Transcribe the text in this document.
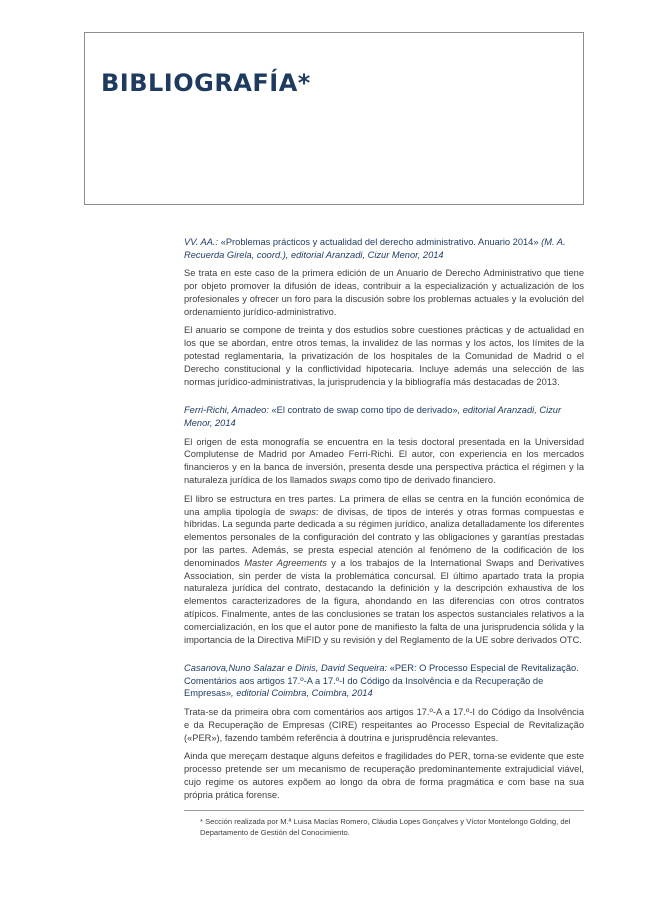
BIBLIOGRAFÍA*
VV. AA.: «Problemas prácticos y actualidad del derecho administrativo. Anuario 2014» (M. A. Recuerda Girela, coord.), editorial Aranzadi, Cizur Menor, 2014

Se trata en este caso de la primera edición de un Anuario de Derecho Administrativo que tiene por objeto promover la difusión de ideas, contribuir a la especialización y actualización de los profesionales y ofrecer un foro para la discusión sobre los problemas actuales y la evolución del ordenamiento jurídico-administrativo.

El anuario se compone de treinta y dos estudios sobre cuestiones prácticas y de actualidad en los que se abordan, entre otros temas, la invalidez de las normas y los actos, los límites de la potestad reglamentaria, la privatización de los hospitales de la Comunidad de Madrid o el Derecho constitucional y la conflictividad hipotecaria. Incluye además una selección de las normas jurídico-administrativas, la jurisprudencia y la bibliografía más destacadas de 2013.

Ferri-Richi, Amadeo: «El contrato de swap como tipo de derivado», editorial Aranzadi, Cizur Menor, 2014

El origen de esta monografía se encuentra en la tesis doctoral presentada en la Universidad Complutense de Madrid por Amadeo Ferri-Richi. El autor, con experiencia en los mercados financieros y en la banca de inversión, presenta desde una perspectiva práctica el régimen y la naturaleza jurídica de los llamados swaps como tipo de derivado financiero.

El libro se estructura en tres partes. La primera de ellas se centra en la función económica de una amplia tipología de swaps: de divisas, de tipos de interés y otras formas compuestas e híbridas. La segunda parte dedicada a su régimen jurídico, analiza detalladamente los diferentes elementos personales de la configuración del contrato y las obligaciones y garantías prestadas por las partes. Además, se presta especial atención al fenómeno de la codificación de los denominados Master Agreements y a los trabajos de la International Swaps and Derivatives Association, sin perder de vista la problemática concursal. El último apartado trata la propia naturaleza jurídica del contrato, destacando la definición y la descripción exhaustiva de los elementos caracterizadores de la figura, ahondando en las diferencias con otros contratos atípicos. Finalmente, antes de las conclusiones se tratan los aspectos sustanciales relativos a la comercialización, en los que el autor pone de manifiesto la falta de una jurisprudencia sólida y la importancia de la Directiva MiFID y su revisión y del Reglamento de la UE sobre derivados OTC.

Casanova,Nuno Salazar e Dinis, David Sequeira: «PER: O Processo Especial de Revitalização. Comentários aos artigos 17.º-A a 17.º-I do Código da Insolvência e da Recuperação de Empresas», editorial Coimbra, Coimbra, 2014

Trata-se da primeira obra com comentários aos artigos 17.º-A a 17.º-I do Código da Insolvência e da Recuperação de Empresas (CIRE) respeitantes ao Processo Especial de Revitalização («PER»), fazendo também referência à doutrina e jurisprudência relevantes.

Ainda que mereçam destaque alguns defeitos e fragilidades do PER, torna-se evidente que este processo pretende ser um mecanismo de recuperação predominantemente extrajudicial viável, cujo regime os autores expõem ao longo da obra de forma pragmática e com base na sua própria prática forense.

* Sección realizada por M.ª Luisa Macías Romero, Cláudia Lopes Gonçalves y Víctor Montelongo Golding, del Departamento de Gestión del Conocimiento.
